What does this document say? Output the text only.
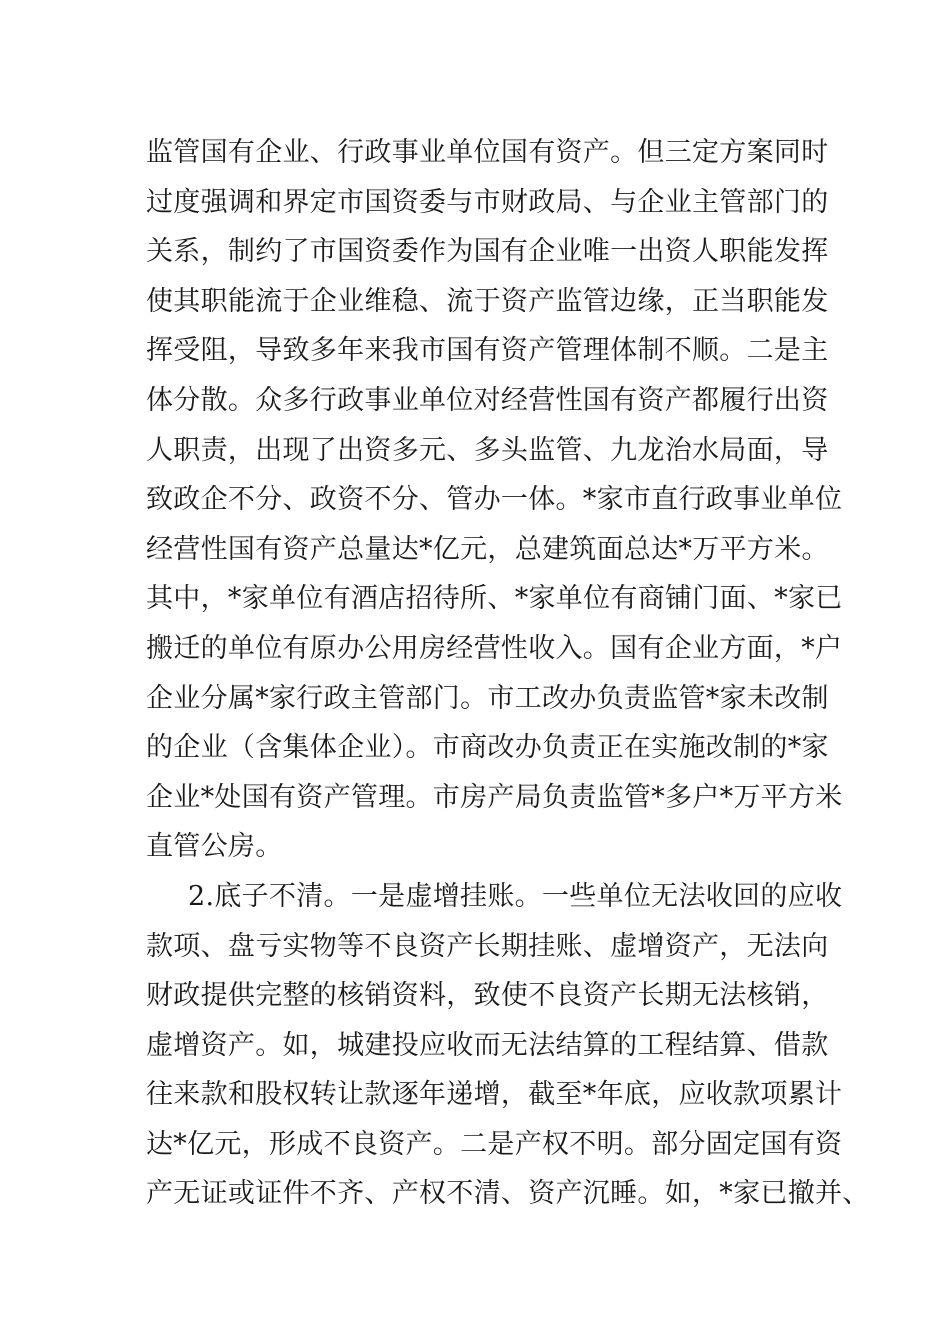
监管国有企业、行政事业单位国有资产。但三定方案同时
过度强调和界定市国资委与市财政局、与企业主管部门的
关系，制约了市国资委作为国有企业唯一出资人职能发挥
使其职能流于企业维稳、流于资产监管边缘，正当职能发
挥受阻，导致多年来我市国有资产管理体制不顺。二是主
体分散。众多行政事业单位对经营性国有资产都履行出资
人职责，出现了出资多元、多头监管、九龙治水局面，导
致政企不分、政资不分、管办一体。*家市直行政事业单位
经营性国有资产总量达*亿元，总建筑面总达*万平方米。
其中，*家单位有酒店招待所、*家单位有商铺门面、*家已
搬迁的单位有原办公用房经营性收入。国有企业方面，*户
企业分属*家行政主管部门。市工改办负责监管*家未改制
的企业（含集体企业）。市商改办负责正在实施改制的*家
企业*处国有资产管理。市房产局负责监管*多户*万平方米
直管公房。
2.底子不清。一是虚增挂账。一些单位无法收回的应收
款项、盘亏实物等不良资产长期挂账、虚增资产，无法向
财政提供完整的核销资料，致使不良资产长期无法核销，
虚增资产。如，城建投应收而无法结算的工程结算、借款
往来款和股权转让款逐年递增，截至*年底，应收款项累计
达*亿元，形成不良资产。二是产权不明。部分固定国有资
产无证或证件不齐、产权不清、资产沉睡。如，*家已撤并、
